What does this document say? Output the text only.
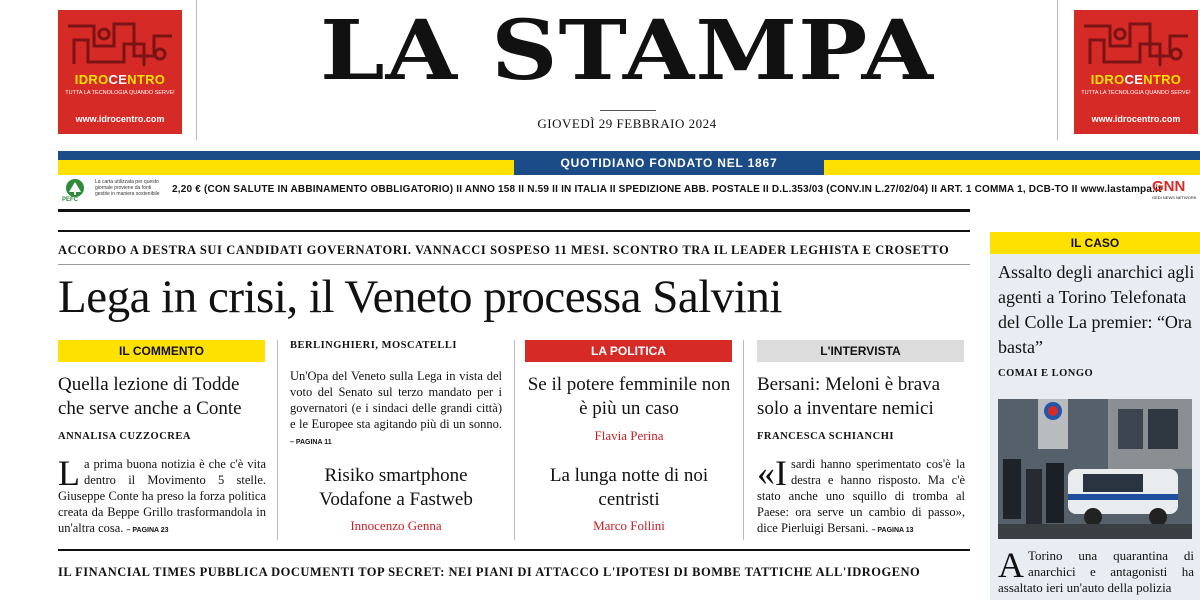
IDROCENTRO
TUTTA LA TECNOLOGIA QUANDO SERVE!
www.idrocentro.com
LA STAMPA
GIOVEDÌ 29 FEBBRAIO 2024
IDROCENTRO
TUTTA LA TECNOLOGIA QUANDO SERVE!
www.idrocentro.com
QUOTIDIANO FONDATO NEL 1867
PEFC
La carta utilizzata per questo giornale proviene da fonti gestite in maniera sostenibile	2,20 € (CON SALUTE IN ABBINAMENTO OBBLIGATORIO) II ANNO 158 II N.59 II IN ITALIA II SPEDIZIONE ABB. POSTALE II D.L.353/03 (CONV.IN L.27/02/04) II ART. 1 COMMA 1, DCB-TO II www.lastampa.it
GNN
GEDI NEWS NETWORK
ACCORDO A DESTRA SUI CANDIDATI GOVERNATORI. VANNACCI SOSPESO 11 MESI. SCONTRO TRA IL LEADER LEGHISTA E CROSETTO
Lega in crisi, il Veneto processa Salvini
IL COMMENTO
Quella lezione di Todde che serve anche a Conte
ANNALISA CUZZOCREA
La prima buona notizia è che c'è vita dentro il Movimento 5 stelle. Giuseppe Conte ha preso la forza politica creata da Beppe Grillo trasformandola in un'altra cosa. – PAGINA 23
BERLINGHIERI, MOSCATELLI
Un'Opa del Veneto sulla Lega in vista del voto del Senato sul terzo mandato per i governatori (e i sindaci delle grandi città) e le Europee sta agitando più di un sonno. – PAGINA 11
Risiko smartphone Vodafone a Fastweb
Innocenzo Genna
LA POLITICA
Se il potere femminile non è più un caso
Flavia Perina
La lunga notte di noi centristi
Marco Follini
L'INTERVISTA
Bersani: Meloni è brava solo a inventare nemici
FRANCESCA SCHIANCHI
«Isardi hanno sperimentato cos'è la destra e hanno risposto. Ma c'è stato anche uno squillo di tromba al Paese: ora serve un cambio di passo», dice Pierluigi Bersani. – PAGINA 13
IL CASO
Assalto degli anarchici agli agenti a Torino Telefonata del Colle La premier: “Ora basta”
COMAI E LONGO
A Torino una quarantina di anarchici e antagonisti ha assaltato ieri un'auto della polizia
IL FINANCIAL TIMES PUBBLICA DOCUMENTI TOP SECRET: NEI PIANI DI ATTACCO L'IPOTESI DI BOMBE TATTICHE ALL'IDROGENO
